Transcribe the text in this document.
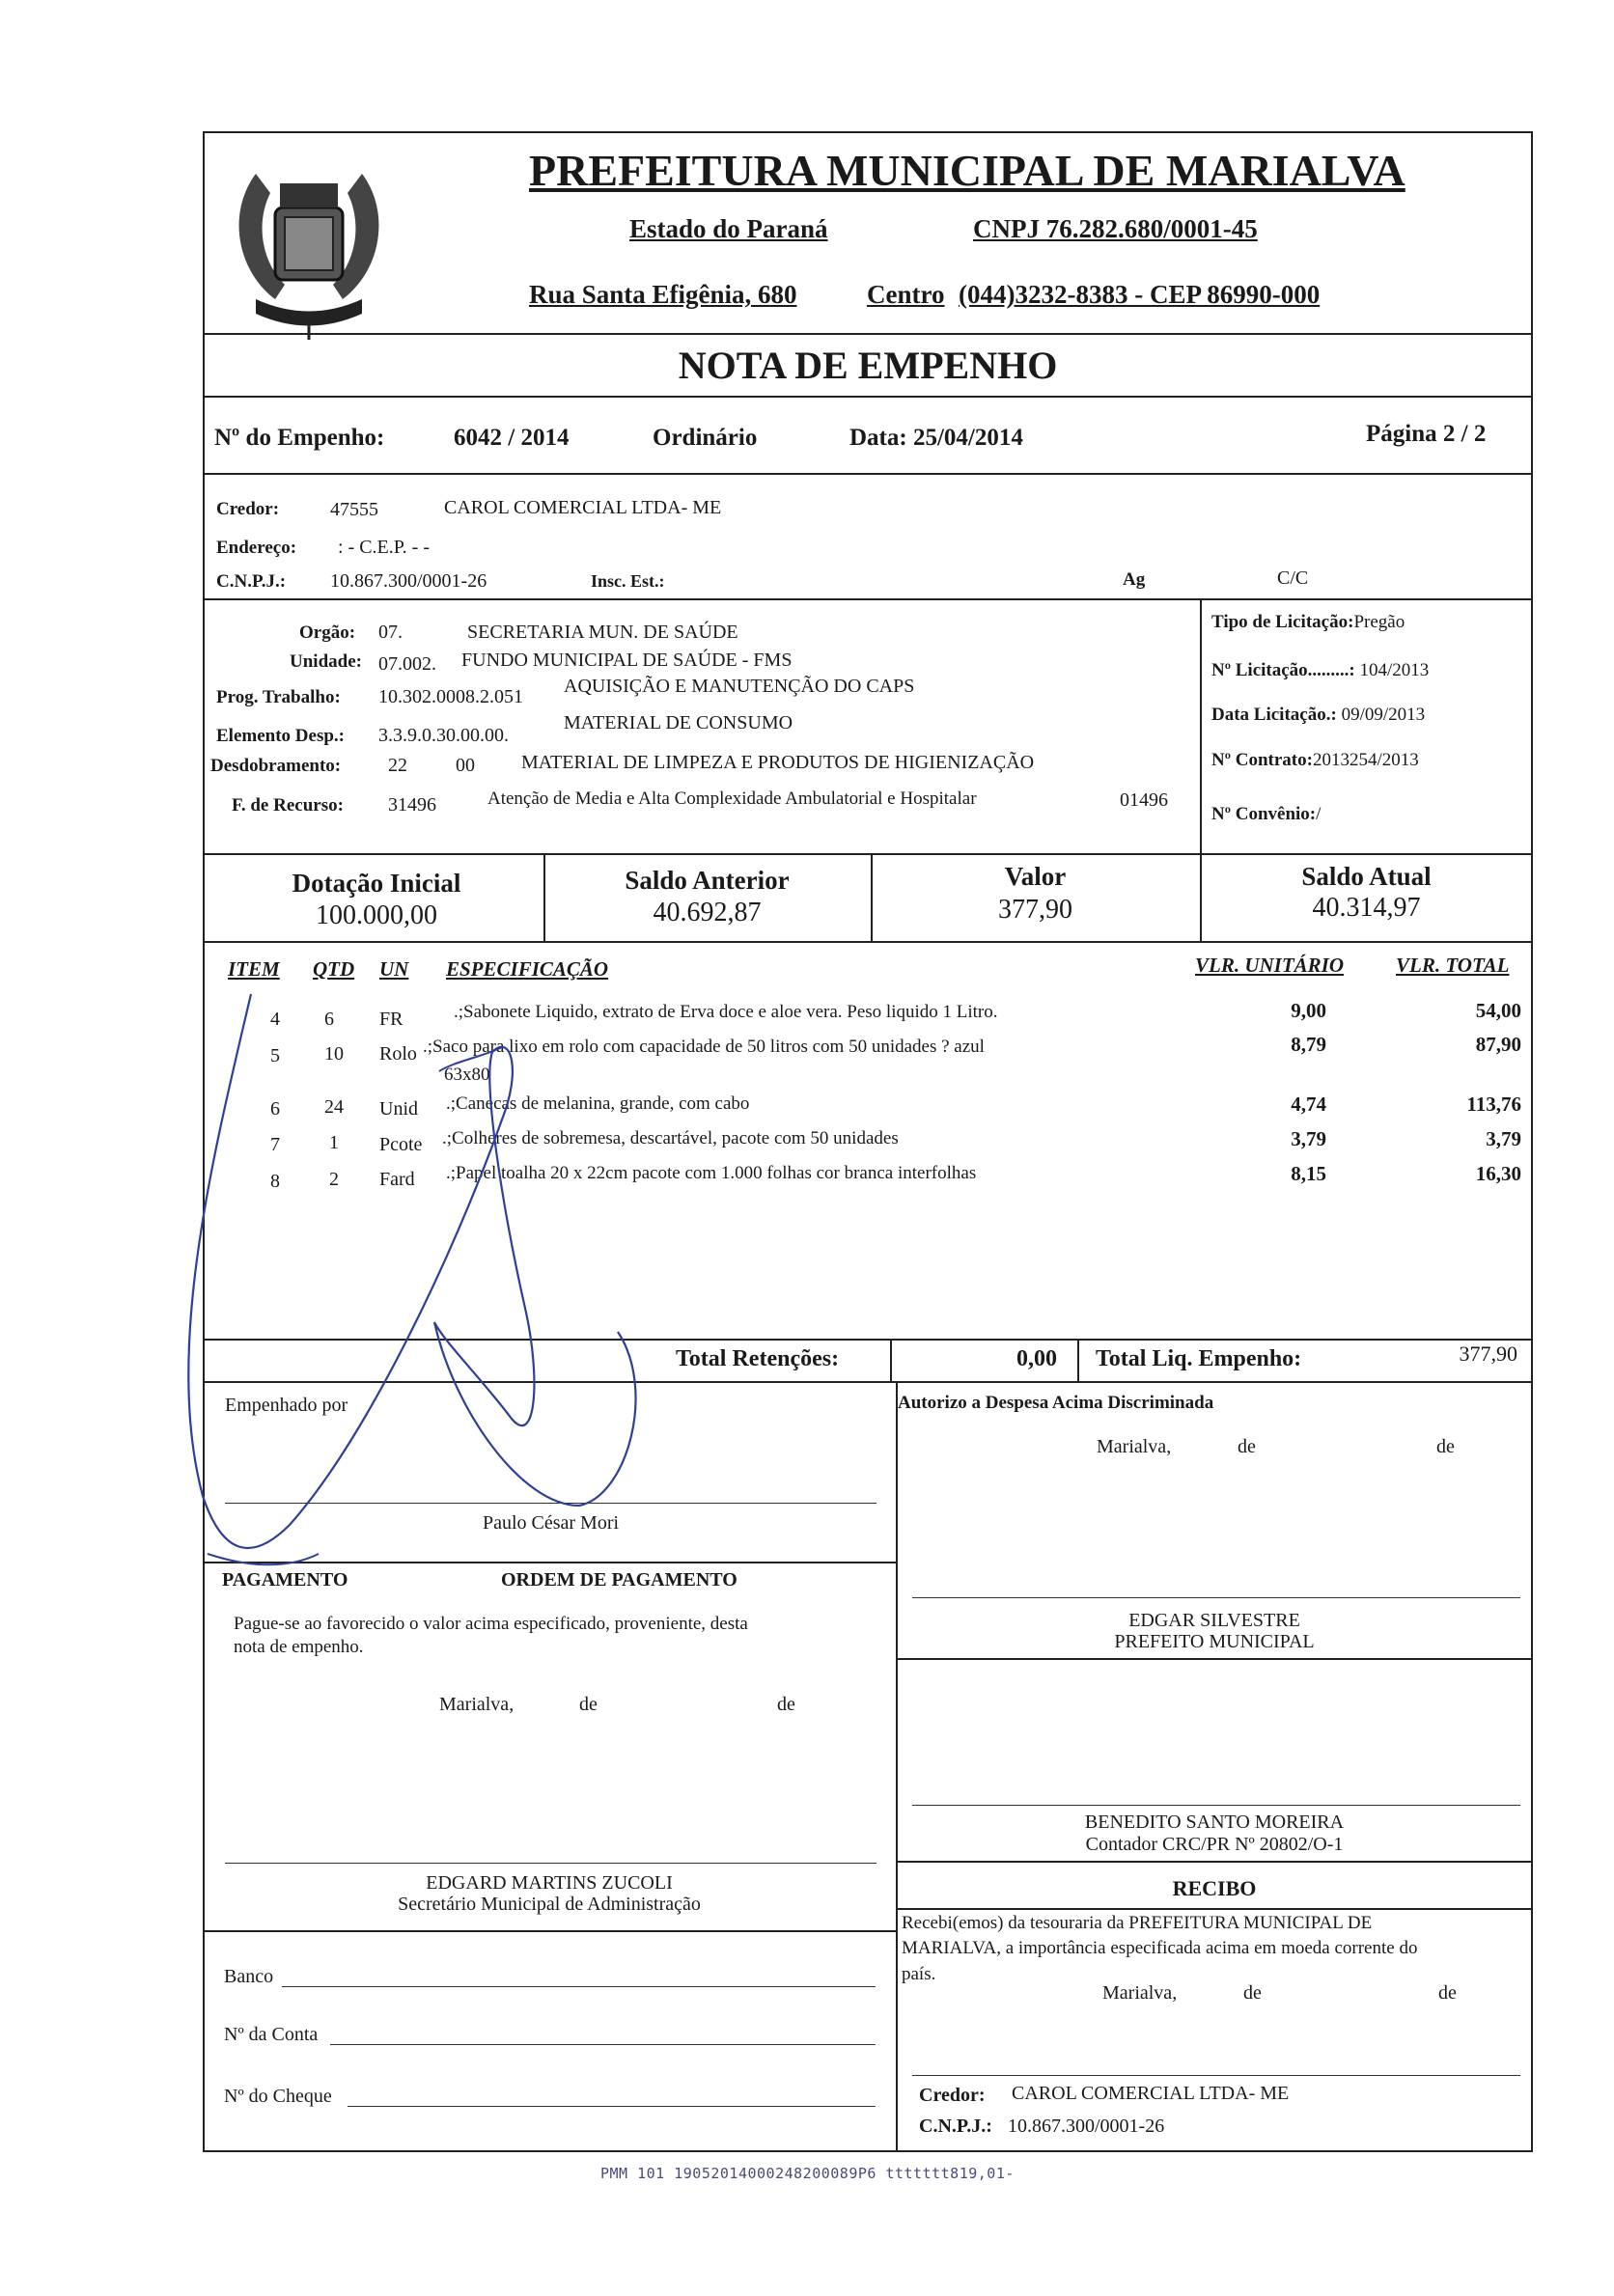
PREFEITURA MUNICIPAL DE MARIALVA
Estado do Paraná	CNPJ 76.282.680/0001-45
Rua Santa Efigênia, 680	Centro (044)3232-8383 - CEP 86990-000
NOTA DE EMPENHO
Nº do Empenho:	6042 / 2014	Ordinário	Data: 25/04/2014	Página 2 / 2
Credor:	47555	CAROL COMERCIAL LTDA- ME
Endereço: : - C.E.P. - -
C.N.P.J.: 10.867.300/0001-26	Insc. Est.:	Ag	C/C
Orgão: 07.	SECRETARIA MUN. DE SAÚDE
Unidade: 07.002. FUNDO MUNICIPAL DE SAÚDE - FMS
Prog. Trabalho: 10.302.0008.2.051 AQUISIÇÃO E MANUTENÇÃO DO CAPS
Elemento Desp.: 3.3.9.0.30.00.00.
MATERIAL DE CONSUMO
Desdobramento: 22	00 MATERIAL DE LIMPEZA E PRODUTOS DE HIGIENIZAÇÃO
F. de Recurso: 31496	Atenção de Media e Alta Complexidade Ambulatorial e Hospitalar	01496
Tipo de Licitação:Pregão
Nº Licitação.........: 104/2013
Data Licitação.: 09/09/2013
Nº Contrato:2013254/2013
Nº Convênio:/
Dotação Inicial
100.000,00
Saldo Anterior
40.692,87
Valor
377,90
Saldo Atual
40.314,97
ITEM QTD UN ESPECIFICAÇÃO	VLR. UNITÁRIO	VLR. TOTAL
4	6	FR	.;Sabonete Liquido, extrato de Erva doce e aloe vera. Peso liquido 1 Litro.	9,00	54,00
5	10	Rolo .;Saco para lixo em rolo com capacidade de 50 litros com 50 unidades ? azul
63x80
8,79	87,90
6	24	Unid .;Canecas de melanina, grande, com cabo	4,74	113,76
7	1	Pcote .;Colheres de sobremesa, descartável, pacote com 50 unidades	3,79	3,79
8	2	Fard .;Papel toalha 20 x 22cm pacote com 1.000 folhas cor branca interfolhas	8,15	16,30
Total Retenções:	0,00 Total Liq. Empenho:	377,90
Empenhado por
Paulo César Mori
Autorizo a Despesa Acima Discriminada
Marialva,	de	de
EDGAR SILVESTRE
PREFEITO MUNICIPAL
PAGAMENTO	ORDEM DE PAGAMENTO
Pague-se ao favorecido o valor acima especificado, proveniente, desta
nota de empenho.
Marialva,	de	de
EDGARD MARTINS ZUCOLI
Secretário Municipal de Administração
BENEDITO SANTO MOREIRA
Contador CRC/PR Nº 20802/O-1
RECIBO
Recebi(emos) da tesouraria da PREFEITURA MUNICIPAL DE
MARIALVA, a importância especificada acima em moeda corrente do
país.
Marialva,	de	de
Banco
Nº da Conta
Nº do Cheque	Credor: CAROL COMERCIAL LTDA- ME
C.N.P.J.: 10.867.300/0001-26
PMM 101 19052014000248200089P6 ttttttt819,01-
